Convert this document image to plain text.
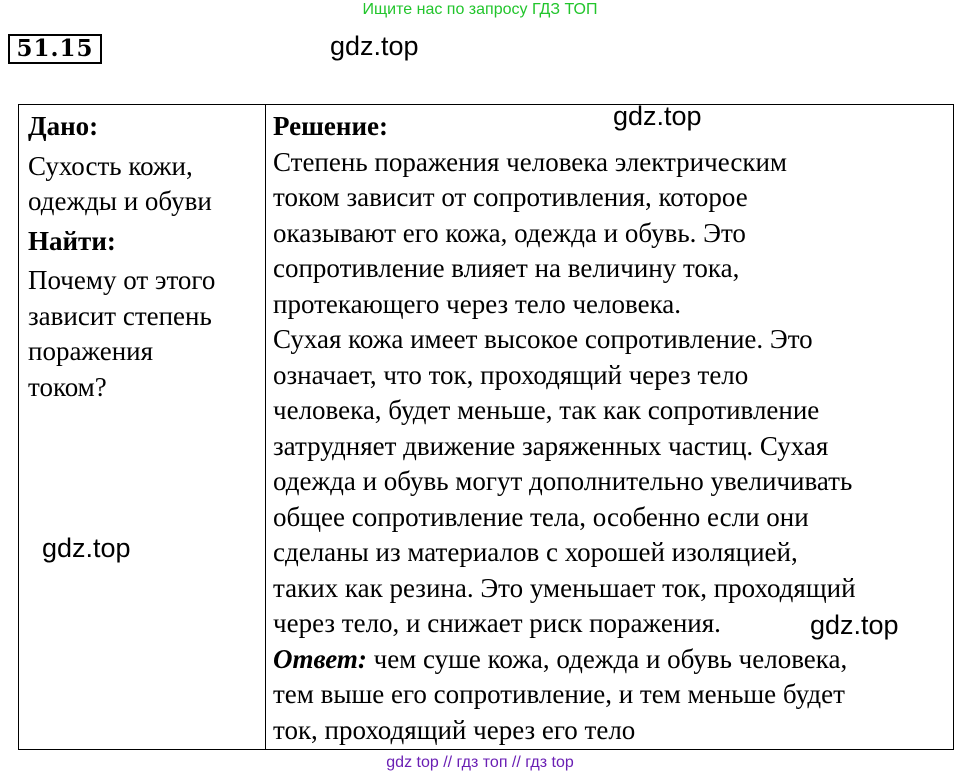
Ищите нас по запросу ГДЗ ТОП
51.15	gdz.top
Дано:
Сухость кожи,
одежды и обуви
Найти:
Почему от этого
зависит степень
поражения
током?
Решение:
Степень поражения человека электрическим
током зависит от сопротивления, которое
оказывают его кожа, одежда и обувь. Это
сопротивление влияет на величину тока,
протекающего через тело человека.
Сухая кожа имеет высокое сопротивление. Это
означает, что ток, проходящий через тело
человека, будет меньше, так как сопротивление
затрудняет движение заряженных частиц. Сухая
одежда и обувь могут дополнительно увеличивать
общее сопротивление тела, особенно если они
сделаны из материалов с хорошей изоляцией,
таких как резина. Это уменьшает ток, проходящий
через тело, и снижает риск поражения.
Ответ: чем суше кожа, одежда и обувь человека,
тем выше его сопротивление, и тем меньше будет
ток, проходящий через его тело
gdz.top
gdz.top
gdz.top
gdz top // гдз топ // гдз top
